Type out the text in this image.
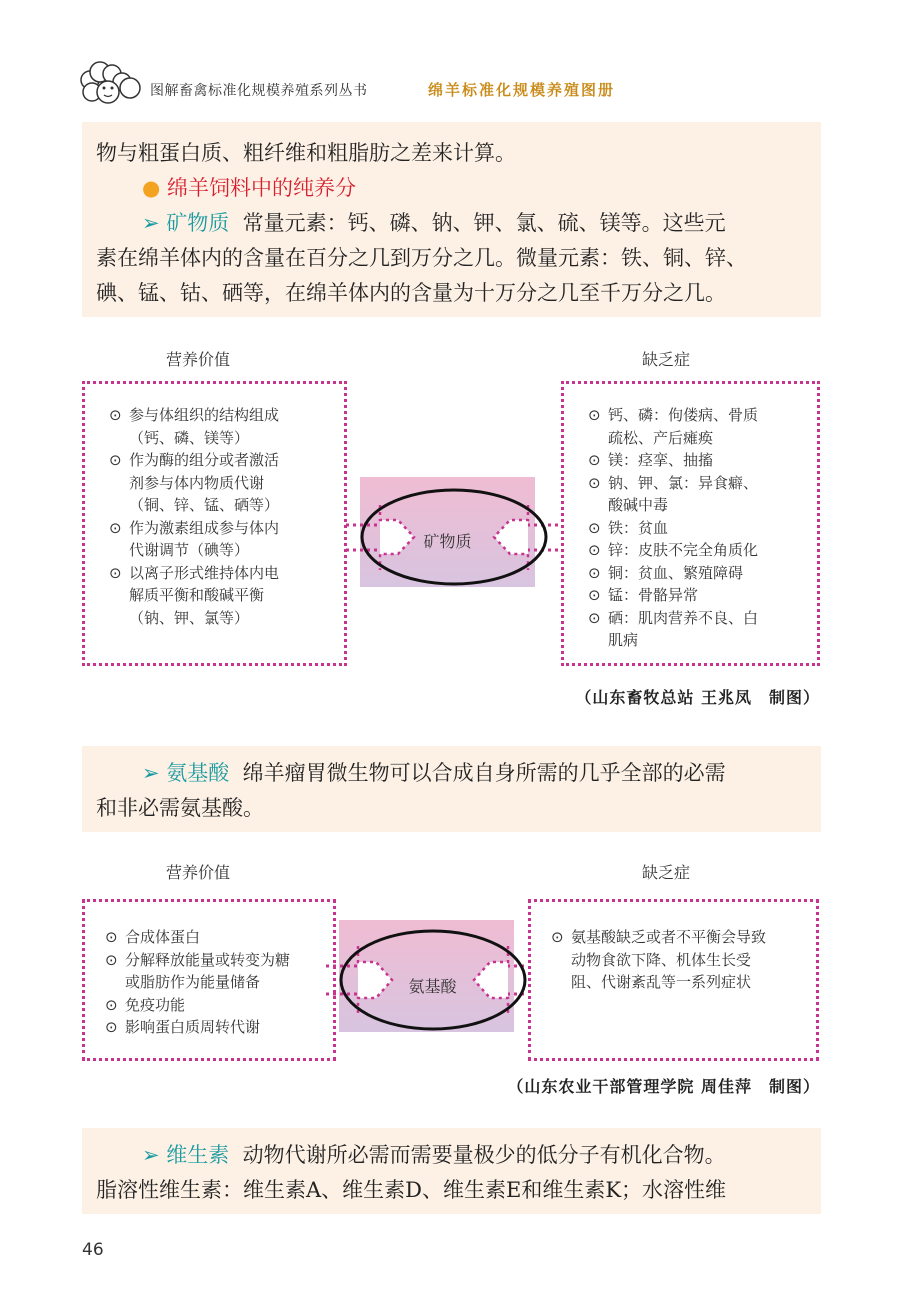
图解畜禽标准化规模养殖系列丛书	绵羊标准化规模养殖图册
物与粗蛋白质、粗纤维和粗脂肪之差来计算。
● 绵羊饲料中的纯养分
➢ 矿物质 常量元素：钙、磷、钠、钾、氯、硫、镁等。这些元
素在绵羊体内的含量在百分之几到万分之几。微量元素：铁、铜、锌、
碘、锰、钴、硒等，在绵羊体内的含量为十万分之几至千万分之几。
营养价值	缺乏症
⊙ 参与体组织的结构组成
（钙、磷、镁等）
⊙ 作为酶的组分或者激活
剂参与体内物质代谢
（铜、锌、锰、硒等）
⊙ 作为激素组成参与体内
代谢调节（碘等）
⊙ 以离子形式维持体内电
解质平衡和酸碱平衡
（钠、钾、氯等）
矿物质
⊙ 钙、磷：佝偻病、骨质
疏松、产后瘫痪
⊙ 镁：痉挛、抽搐
⊙ 钠、钾、氯：异食癖、
酸碱中毒
⊙ 铁：贫血
⊙ 锌：皮肤不完全角质化
⊙ 铜：贫血、繁殖障碍
⊙ 锰：骨骼异常
⊙ 硒：肌肉营养不良、白
肌病
（山东畜牧总站 王兆凤　制图）
➢ 氨基酸 绵羊瘤胃微生物可以合成自身所需的几乎全部的必需
和非必需氨基酸。
营养价值	缺乏症
⊙ 合成体蛋白
⊙ 分解释放能量或转变为糖
或脂肪作为能量储备
⊙ 免疫功能
⊙ 影响蛋白质周转代谢
氨基酸
⊙ 氨基酸缺乏或者不平衡会导致
动物食欲下降、机体生长受
阻、代谢紊乱等一系列症状
（山东农业干部管理学院 周佳萍　制图）
➢ 维生素 动物代谢所必需而需要量极少的低分子有机化合物。
脂溶性维生素：维生素A、维生素D、维生素E和维生素K；水溶性维
46
